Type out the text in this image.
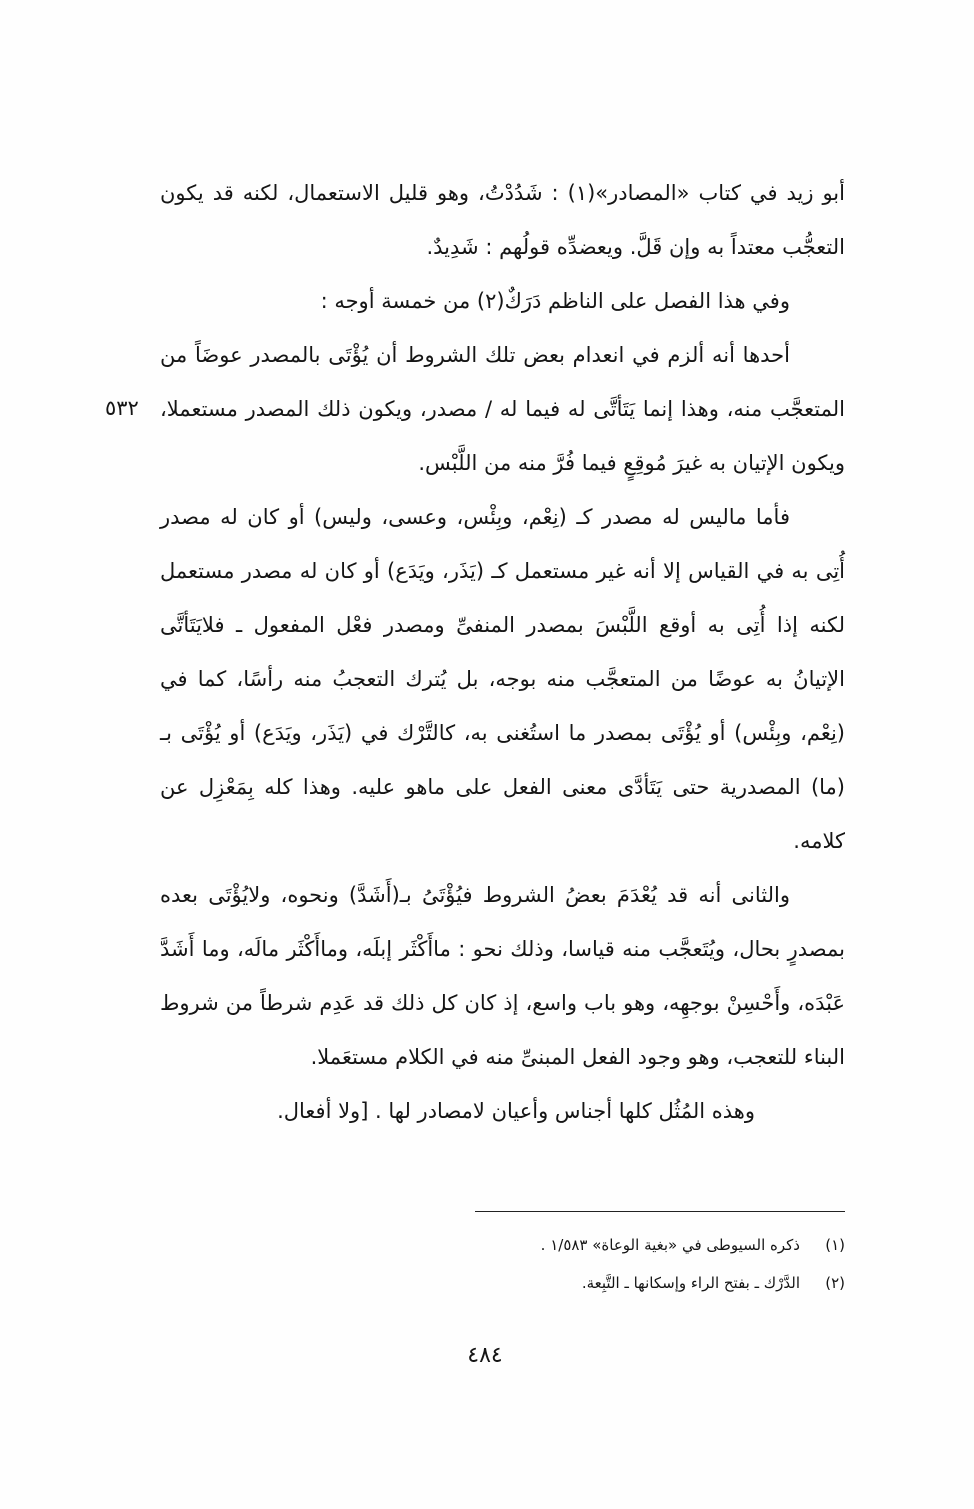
أبو زيد في كتاب «المصادر»(١) : شَدُدْتُ، وهو قليل الاستعمال، لكنه قد يكون التعجُّب معتداً به وإن قَلَّ. ويعضدِّه قولُهم : شَدِيدٌ.

وفي هذا الفصل على الناظم دَرَكٌ(٢) من خمسة أوجه :

أحدها أنه ألزم في انعدام بعض تلك الشروط أن يُؤْتَى بالمصدر عوضَاً من المتعجَّب منه، وهذا إنما يَتَأتَّى له فيما له / مصدر، ويكون ذلك المصدر مستعملا، ويكون الإتيان به غيرَ مُوقِعٍ فيما فُرَّ منه من اللَّبْس.

فأما ماليس له مصدر كـ (نِعْم، وبِئْس، وعسى، وليس) أو كان له مصدر أُتِى به في القياس إلا أنه غير مستعمل كـ (يَذَر، ويَدَع) أو كان له مصدر مستعمل لكنه إذا أُتِى به أوقع اللَّبْسَ بمصدر المنفىِّ ومصدر فعْل المفعول ـ فلايَتَأتَّى الإتيانُ به عوضًا من المتعجَّب منه بوجه، بل يُترك التعجبُ منه رأسًا، كما في (نِعْم، وبِئْس) أو يُؤْتَى بمصدر ما استُغنى به، كالتَّرْك في (يَذَر، ويَدَع) أو يُؤْتَى بـ (ما) المصدرية حتى يَتَأدَّى معنى الفعل على ماهو عليه. وهذا كله بِمَعْزِل عن كلامه.

والثانى أنه قد يُعْدَمَ بعضُ الشروط فيُؤْتَىُ بـ(أَشَدَّ) ونحوه، ولايُؤْتَى بعده بمصدرٍ بحال، ويُتَعجَّب منه قياسا، وذلك نحو : ماأَكْثَر إبلَه، وماأَكْثَر مالَه، وما أَشَدَّ عَبْدَه، وأَحْسِنْ بوجهِه، وهو باب واسع، إذ كان كل ذلك قد عَدِم شرطاً من شروط البناء للتعجب، وهو وجود الفعل المبنىِّ منه في الكلام مستعَملا.

وهذه المُثُل كلها أجناس وأعيان لامصادر لها . [ولا أفعال.

٥٣٢
(١)
ذكره السيوطى في «بغية الوعاة» ١/٥٨٣ .
(٢)
الدَّرْك ـ بفتح الراء وإسكانها ـ التَّبِعة.
٤٨٤
